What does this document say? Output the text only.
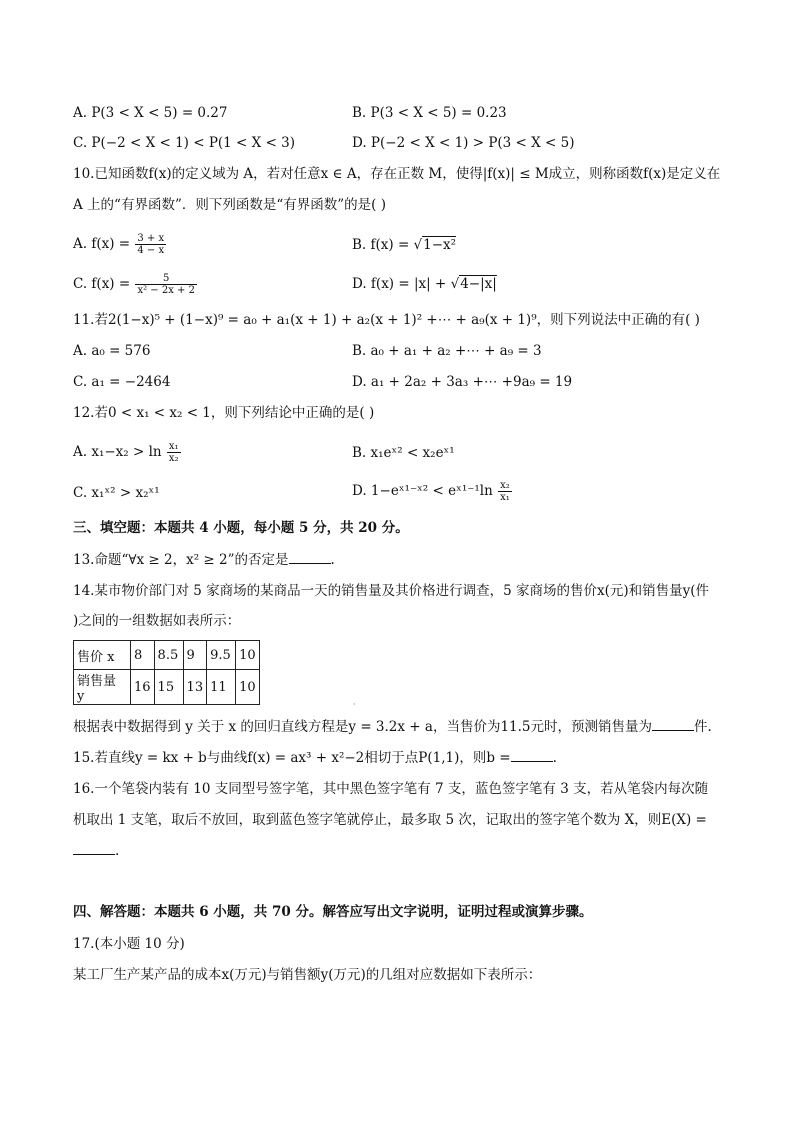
A. P(3 < X < 5) = 0.27	B. P(3 < X < 5) = 0.23
C. P(−2 < X < 1) < P(1 < X < 3)	D. P(−2 < X < 1) > P(3 < X < 5)
10.已知函数f(x)的定义域为 A，若对任意x ∈ A，存在正数 M，使得|f(x)| ≤ M成立，则称函数f(x)是定义在
A 上的“有界函数”．则下列函数是“有界函数”的是( )
A. $f(x) = \frac{3 + x}{4 - x}$	B. f(x) = √1−x²
C. $f(x) = \frac{5}{\text{x² − 2x + 2}}$	D. f(x) = |x| + √4−|x|
11.若2(1−x)⁵ + (1−x)⁹ = a₀ + a₁(x + 1) + a₂(x + 1)² +⋯ + a₉(x + 1)⁹，则下列说法中正确的有( )
A. a₀ = 576	B. a₀ + a₁ + a₂ +⋯ + a₉ = 3
C. a₁ = −2464	D. a₁ + 2a₂ + 3a₃ +⋯ +9a₉ = 19
12.若0 < x₁ < x₂ < 1，则下列结论中正确的是( )
A. $x_1-x_2 > \ln \frac{\text{x₁}}{\text{x₂}}$	B. x₁eˣ² < x₂eˣ¹
C. x₁ˣ² > x₂ˣ¹	D. 1−eˣ¹⁻ˣ² < eˣ¹⁻¹ln $\frac{\text{x₂}}{\text{x₁}}$
三、填空题：本题共 4 小题，每小题 5 分，共 20 分。
13.命题“∀x ≥ 2，x² ≥ 2”的否定是	.
14.某市物价部门对 5 家商场的某商品一天的销售量及其价格进行调查，5 家商场的售价x(元)和销售量y(件
)之间的一组数据如表所示：
售价 x	8	8.5	9	9.5	10
销售量 y	16	15	13	11	10
·
根据表中数据得到 y 关于 x 的回归直线方程是y = 3.2x + a，当售价为11.5元时，预测销售量为	件.
15.若直线y = kx + b与曲线f(x) = ax³ + x²−2相切于点P(1,1)，则b =	.
16.一个笔袋内装有 10 支同型号签字笔，其中黑色签字笔有 7 支，蓝色签字笔有 3 支，若从笔袋内每次随
机取出 1 支笔，取后不放回，取到蓝色签字笔就停止，最多取 5 次，记取出的签字笔个数为 X，则E(X) =
.
四、解答题：本题共 6 小题，共 70 分。解答应写出文字说明，证明过程或演算步骤。
17.(本小题 10 分)
某工厂生产某产品的成本x(万元)与销售额y(万元)的几组对应数据如下表所示：
